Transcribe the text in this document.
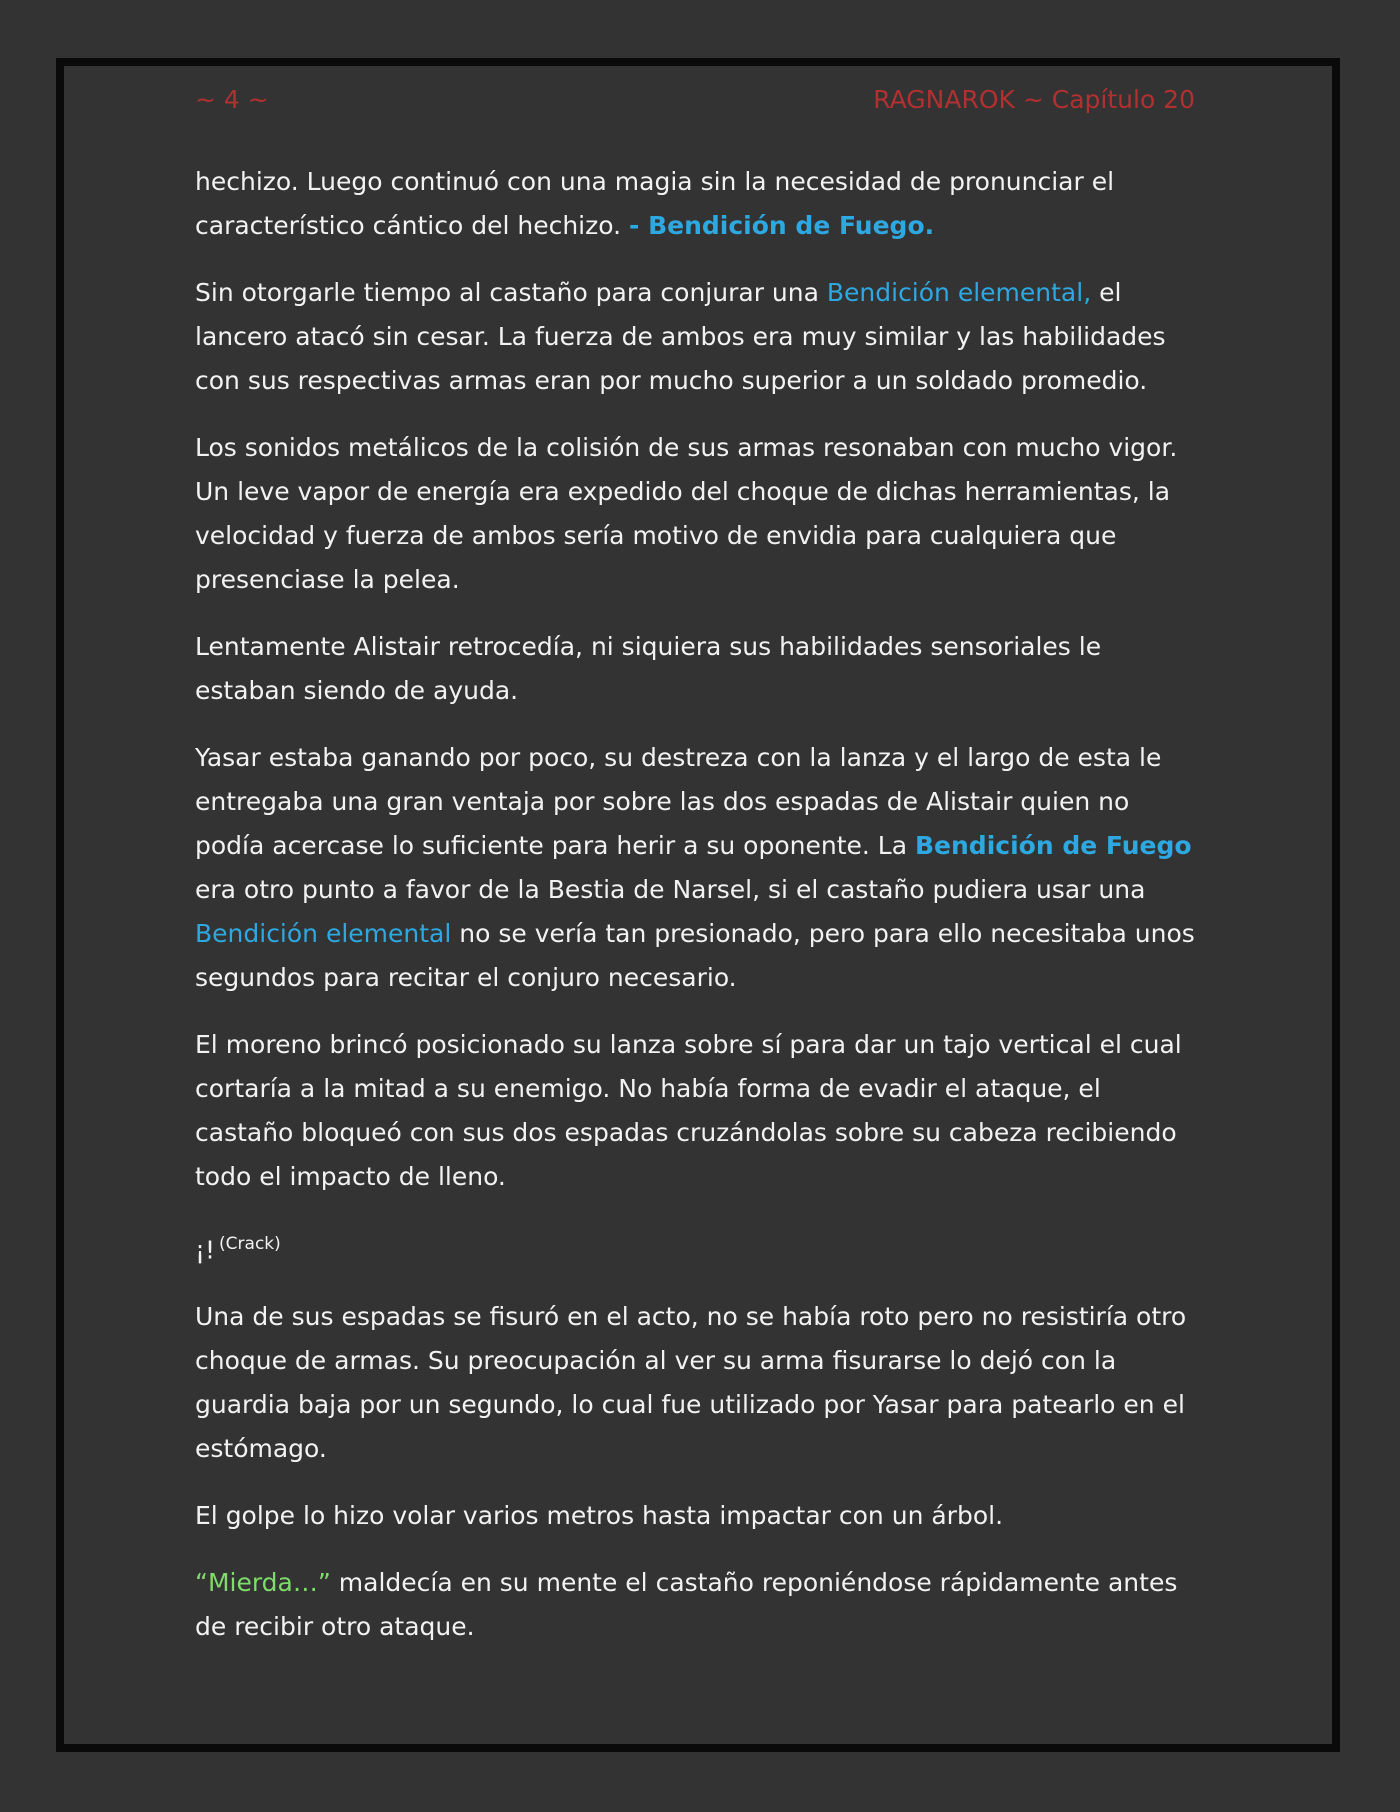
~ 4 ~	RAGNAROK ~ Capítulo 20

hechizo. Luego continuó con una magia sin la necesidad de pronunciar el característico cántico del hechizo. - Bendición de Fuego.

Sin otorgarle tiempo al castaño para conjurar una Bendición elemental, el lancero atacó sin cesar. La fuerza de ambos era muy similar y las habilidades con sus respectivas armas eran por mucho superior a un soldado promedio.

Los sonidos metálicos de la colisión de sus armas resonaban con mucho vigor. Un leve vapor de energía era expedido del choque de dichas herramientas, la velocidad y fuerza de ambos sería motivo de envidia para cualquiera que presenciase la pelea.

Lentamente Alistair retrocedía, ni siquiera sus habilidades sensoriales le estaban siendo de ayuda.

Yasar estaba ganando por poco, su destreza con la lanza y el largo de esta le entregaba una gran ventaja por sobre las dos espadas de Alistair quien no podía acercase lo suficiente para herir a su oponente. La Bendición de Fuego era otro punto a favor de la Bestia de Narsel, si el castaño pudiera usar una Bendición elemental no se vería tan presionado, pero para ello necesitaba unos segundos para recitar el conjuro necesario.

El moreno brincó posicionado su lanza sobre sí para dar un tajo vertical el cual cortaría a la mitad a su enemigo. No había forma de evadir el ataque, el castaño bloqueó con sus dos espadas cruzándolas sobre su cabeza recibiendo todo el impacto de lleno.

¡! $^{(Crack)}$

Una de sus espadas se fisuró en el acto, no se había roto pero no resistiría otro choque de armas. Su preocupación al ver su arma fisurarse lo dejó con la guardia baja por un segundo, lo cual fue utilizado por Yasar para patearlo en el estómago.

El golpe lo hizo volar varios metros hasta impactar con un árbol.

“Mierda…” maldecía en su mente el castaño reponiéndose rápidamente antes de recibir otro ataque.
